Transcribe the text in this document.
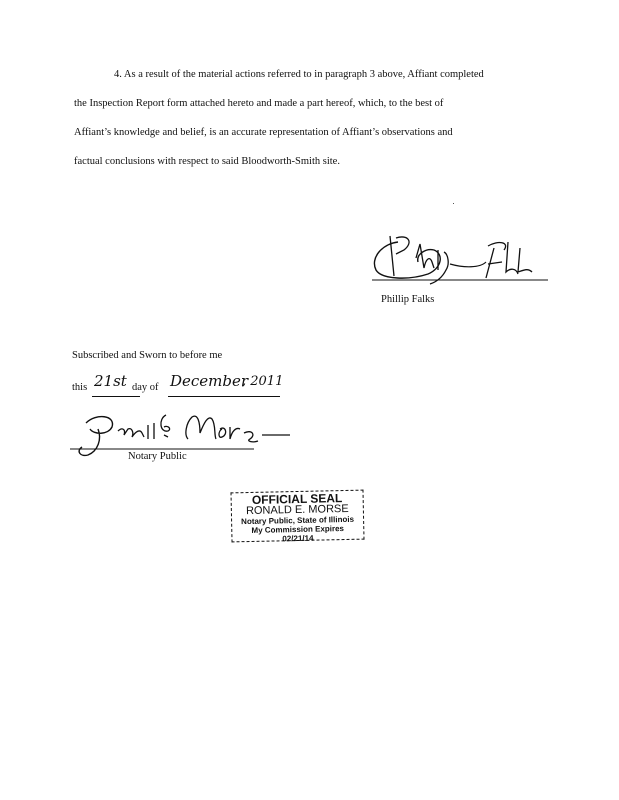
4. As a result of the material actions referred to in paragraph 3 above, Affiant completed
the Inspection Report form attached hereto and made a part hereof, which, to the best of
Affiant’s knowledge and belief, is an accurate representation of Affiant’s observations and
factual conclusions with respect to said Bloodworth-Smith site.
Phillip Falks
Subscribed and Sworn to before me
this 21st day of December
, 2011
Notary Public
OFFICIAL SEAL
RONALD E. MORSE
Notary Public, State of Illinois
My Commission Expires 02/21/14
